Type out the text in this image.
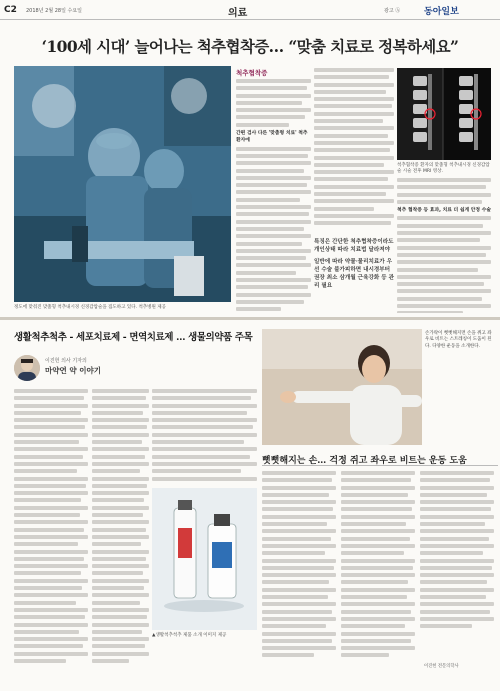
C2 2018년 2월 28일 수요일	의료	광고 Ⓐ	동아일보
‘100세 시대’ 늘어나는 척추협착증… “맞춤 치료로 정복하세요”
정도에 맞춰진 맞춤형 척추내시경 신경감압술을 집도하고 있다. 척추병원 제공
척추협착증
간편 검사 다른 '맞춤형 치료' 척추환자에
특징은 간단한 척추협착증이라도 개인상태 따라 치료법 달라져야
일반에 따라 약물·물리치료가 우선 수술 불가피하면 내시경부터 권장 최소 삼개월 근육강화 등 관리 필요
척추협착증 환자의 맞춤형 척추내시경 신경감압술 시술 전후 MRI 영상.
척추 협착증 등 효과, 치료 더 쉽게 안정 수술
생활척추척추 - 세포치료제 - 면역치료제 … 생물의약품 주목
이진헌 의사 기자의
마약연 약 이야기
▲생활척추척추 제품 소개 이미지 제공
손가락이 뻣뻣해지면 손을 쥐고 좌우로 비트는 스트레칭이 도움이 된다. 다양한 운동을 소개한다.
뻣뻣해지는 손… 걱정 쥐고 좌우로 비트는 운동 도움
이진헌 전문의학사
